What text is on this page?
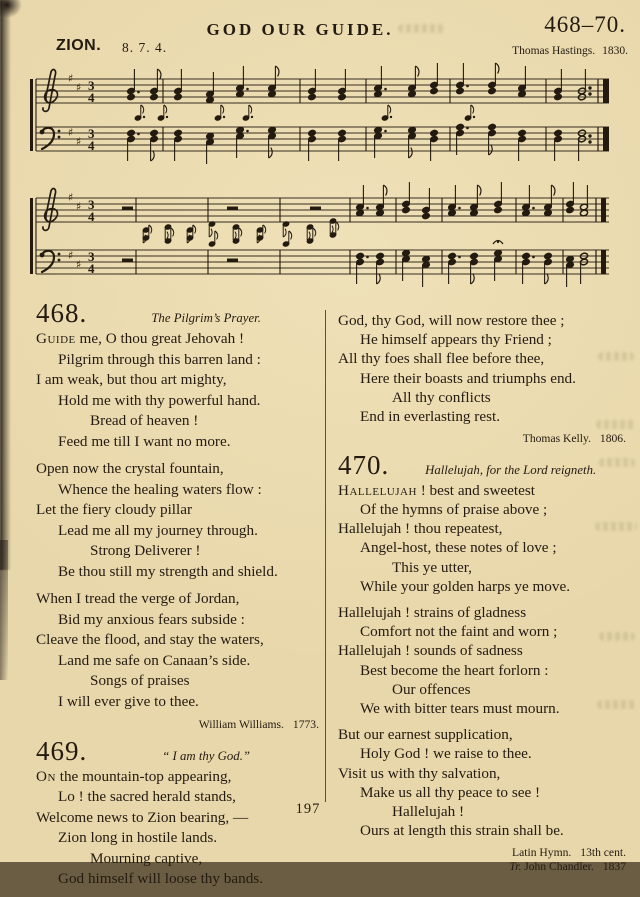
GOD OUR GUIDE.	468–70.
ZION. 8. 7. 4.	Thomas Hastings. 1830.
♯
♯ 3
4
♯
♯
3
4
♯
♯ 3
4
♯
♯
3
4
468.	The Pilgrim’s Prayer.

Guide me, O thou great Jehovah !
Pilgrim through this barren land :
I am weak, but thou art mighty,
Hold me with thy powerful hand.
Bread of heaven !
Feed me till I want no more.

Open now the crystal fountain,
Whence the healing waters flow :
Let the fiery cloudy pillar
Lead me all my journey through.
Strong Deliverer !
Be thou still my strength and shield.

When I tread the verge of Jordan,
Bid my anxious fears subside :
Cleave the flood, and stay the waters,
Land me safe on Canaan’s side.
Songs of praises
I will ever give to thee.

William Williams. 1773.
469.	“ I am thy God.”

On the mountain-top appearing,
Lo ! the sacred herald stands,
Welcome news to Zion bearing, —
Zion long in hostile lands.
Mourning captive,
God himself will loose thy bands.

God, thy God, will now restore thee ;
He himself appears thy Friend ;
All thy foes shall flee before thee,
Here their boasts and triumphs end.
All thy conflicts
End in everlasting rest.

Thomas Kelly. 1806.
470.	Hallelujah, for the Lord reigneth.

Hallelujah ! best and sweetest
Of the hymns of praise above ;
Hallelujah ! thou repeatest,
Angel-host, these notes of love ;
This ye utter,
While your golden harps ye move.

Hallelujah ! strains of gladness
Comfort not the faint and worn ;
Hallelujah ! sounds of sadness
Best become the heart forlorn :
Our offences
We with bitter tears must mourn.

But our earnest supplication,
Holy God ! we raise to thee.
Visit us with thy salvation,
Make us all thy peace to see !
Hallelujah !
Ours at length this strain shall be.

Latin Hymn. 13th cent.
Tr. John Chandler. 1837
197
